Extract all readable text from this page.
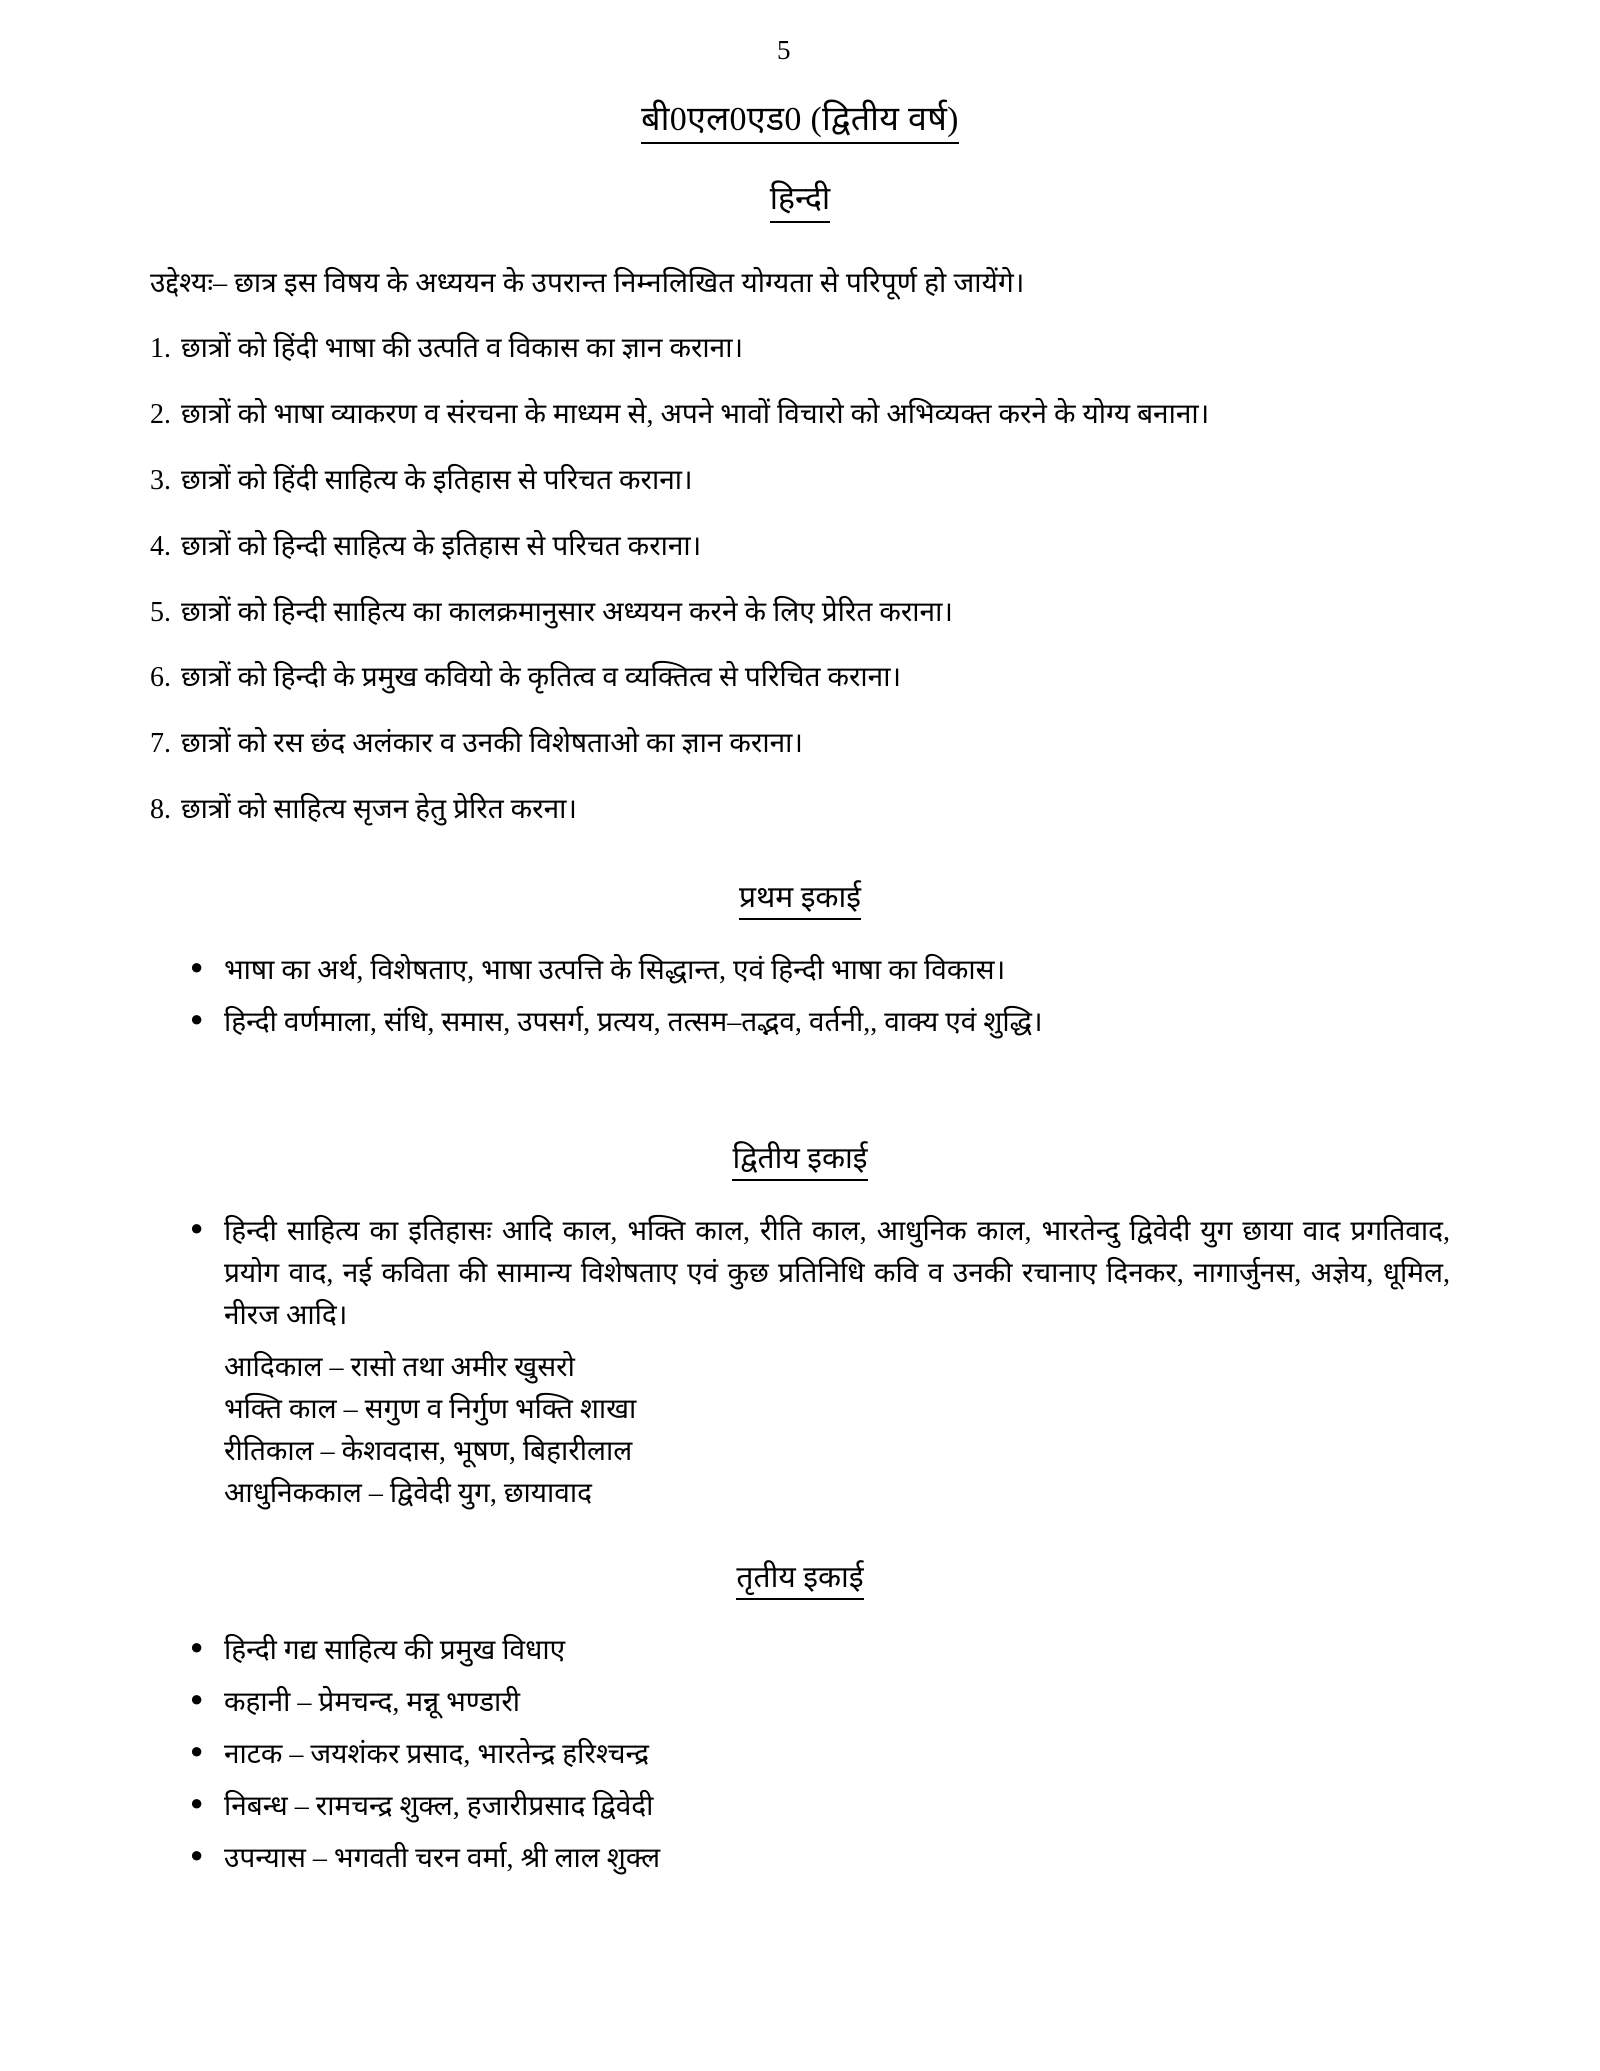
5
बी0एल0एड0 (द्वितीय वर्ष)
हिन्दी

उद्देश्यः– छात्र इस विषय के अध्ययन के उपरान्त निम्नलिखित योग्यता से परिपूर्ण हो जायेंगे।

1. छात्रों को हिंदी भाषा की उत्पति व विकास का ज्ञान कराना।
2. छात्रों को भाषा व्याकरण व संरचना के माध्यम से, अपने भावों विचारो को अभिव्यक्त करने के योग्य बनाना।
3. छात्रों को हिंदी साहित्य के इतिहास से परिचत कराना।
4. छात्रों को हिन्दी साहित्य के इतिहास से परिचत कराना।
5. छात्रों को हिन्दी साहित्य का कालक्रमानुसार अध्ययन करने के लिए प्रेरित कराना।
6. छात्रों को हिन्दी के प्रमुख कवियो के कृतित्व व व्यक्तित्व से परिचित कराना।
7. छात्रों को रस छंद अलंकार व उनकी विशेषताओ का ज्ञान कराना।
8. छात्रों को साहित्य सृजन हेतु प्रेरित करना।
प्रथम इकाई
● भाषा का अर्थ, विशेषताए, भाषा उत्पत्ति के सिद्धान्त, एवं हिन्दी भाषा का विकास।
● हिन्दी वर्णमाला, संधि, समास, उपसर्ग, प्रत्यय, तत्सम–तद्भव, वर्तनी,, वाक्य एवं शुद्धि।
द्वितीय इकाई
● हिन्दी साहित्य का इतिहासः आदि काल, भक्ति काल, रीति काल, आधुनिक काल, भारतेन्दु द्विवेदी युग छाया वाद प्रगतिवाद, प्रयोग वाद, नई कविता की सामान्य विशेषताए एवं कुछ प्रतिनिधि कवि व उनकी रचानाए दिनकर, नागार्जुनस, अज्ञेय, धूमिल, नीरज आदि।
आदिकाल – रासो तथा अमीर खुसरो
भक्ति काल – सगुण व निर्गुण भक्ति शाखा
रीतिकाल – केशवदास, भूषण, बिहारीलाल
आधुनिककाल – द्विवेदी युग, छायावाद
तृतीय इकाई
● हिन्दी गद्य साहित्य की प्रमुख विधाए
● कहानी – प्रेमचन्द, मन्नू भण्डारी
● नाटक – जयशंकर प्रसाद, भारतेन्द्र हरिश्चन्द्र
● निबन्ध – रामचन्द्र शुक्ल, हजारीप्रसाद द्विवेदी
● उपन्यास – भगवती चरन वर्मा, श्री लाल शुक्ल
